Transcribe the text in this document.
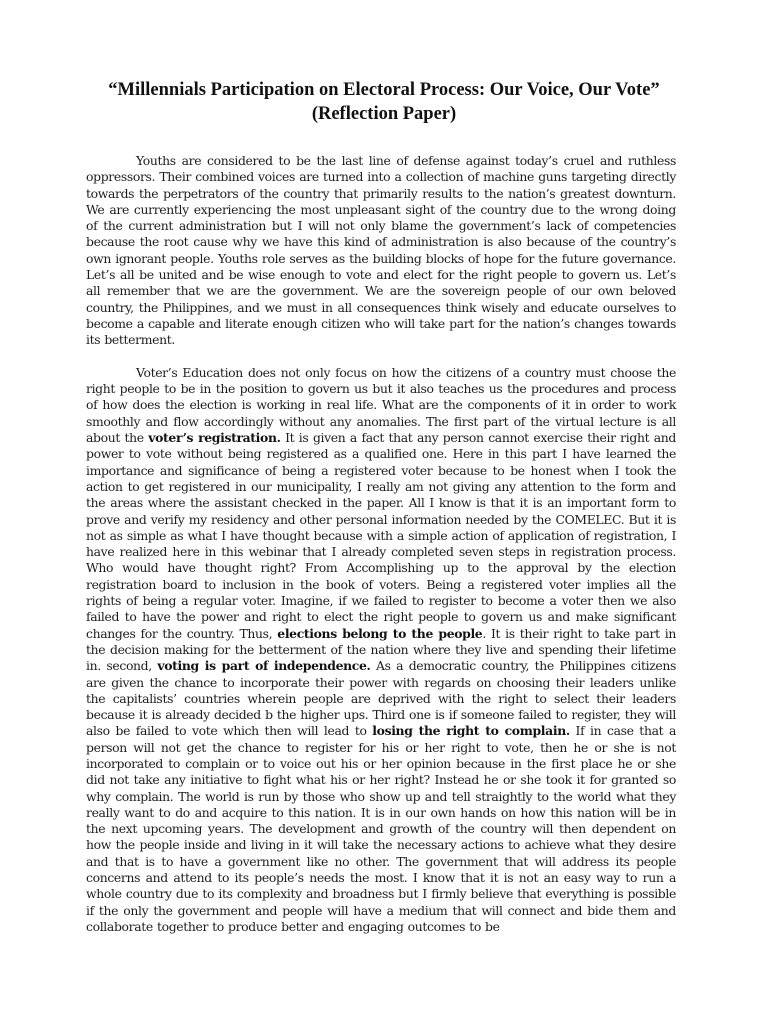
“Millennials Participation on Electoral Process: Our Voice, Our Vote”
(Reflection Paper)

Youths are considered to be the last line of defense against today’s cruel and ruthless oppressors. Their combined voices are turned into a collection of machine guns targeting directly towards the perpetrators of the country that primarily results to the nation’s greatest downturn. We are currently experiencing the most unpleasant sight of the country due to the wrong doing of the current administration but I will not only blame the government’s lack of competencies because the root cause why we have this kind of administration is also because of the country’s own ignorant people. Youths role serves as the building blocks of hope for the future governance. Let’s all be united and be wise enough to vote and elect for the right people to govern us. Let’s all remember that we are the government. We are the sovereign people of our own beloved country, the Philippines, and we must in all consequences think wisely and educate ourselves to become a capable and literate enough citizen who will take part for the nation’s changes towards its betterment.

Voter’s Education does not only focus on how the citizens of a country must choose the right people to be in the position to govern us but it also teaches us the procedures and process of how does the election is working in real life. What are the components of it in order to work smoothly and flow accordingly without any anomalies. The first part of the virtual lecture is all about the voter’s registration. It is given a fact that any person cannot exercise their right and power to vote without being registered as a qualified one. Here in this part I have learned the importance and significance of being a registered voter because to be honest when I took the action to get registered in our municipality, I really am not giving any attention to the form and the areas where the assistant checked in the paper. All I know is that it is an important form to prove and verify my residency and other personal information needed by the COMELEC. But it is not as simple as what I have thought because with a simple action of application of registration, I have realized here in this webinar that I already completed seven steps in registration process. Who would have thought right? From Accomplishing up to the approval by the election registration board to inclusion in the book of voters. Being a registered voter implies all the rights of being a regular voter. Imagine, if we failed to register to become a voter then we also failed to have the power and right to elect the right people to govern us and make significant changes for the country. Thus, elections belong to the people. It is their right to take part in the decision making for the betterment of the nation where they live and spending their lifetime in. second, voting is part of independence. As a democratic country, the Philippines citizens are given the chance to incorporate their power with regards on choosing their leaders unlike the capitalists’ countries wherein people are deprived with the right to select their leaders because it is already decided b the higher ups. Third one is if someone failed to register, they will also be failed to vote which then will lead to losing the right to complain. If in case that a person will not get the chance to register for his or her right to vote, then he or she is not incorporated to complain or to voice out his or her opinion because in the first place he or she did not take any initiative to fight what his or her right? Instead he or she took it for granted so why complain. The world is run by those who show up and tell straightly to the world what they really want to do and acquire to this nation. It is in our own hands on how this nation will be in the next upcoming years. The development and growth of the country will then dependent on how the people inside and living in it will take the necessary actions to achieve what they desire and that is to have a government like no other. The government that will address its people concerns and attend to its people’s needs the most. I know that it is not an easy way to run a whole country due to its complexity and broadness but I firmly believe that everything is possible if the only the government and people will have a medium that will connect and bide them and collaborate together to produce better and engaging outcomes to be
